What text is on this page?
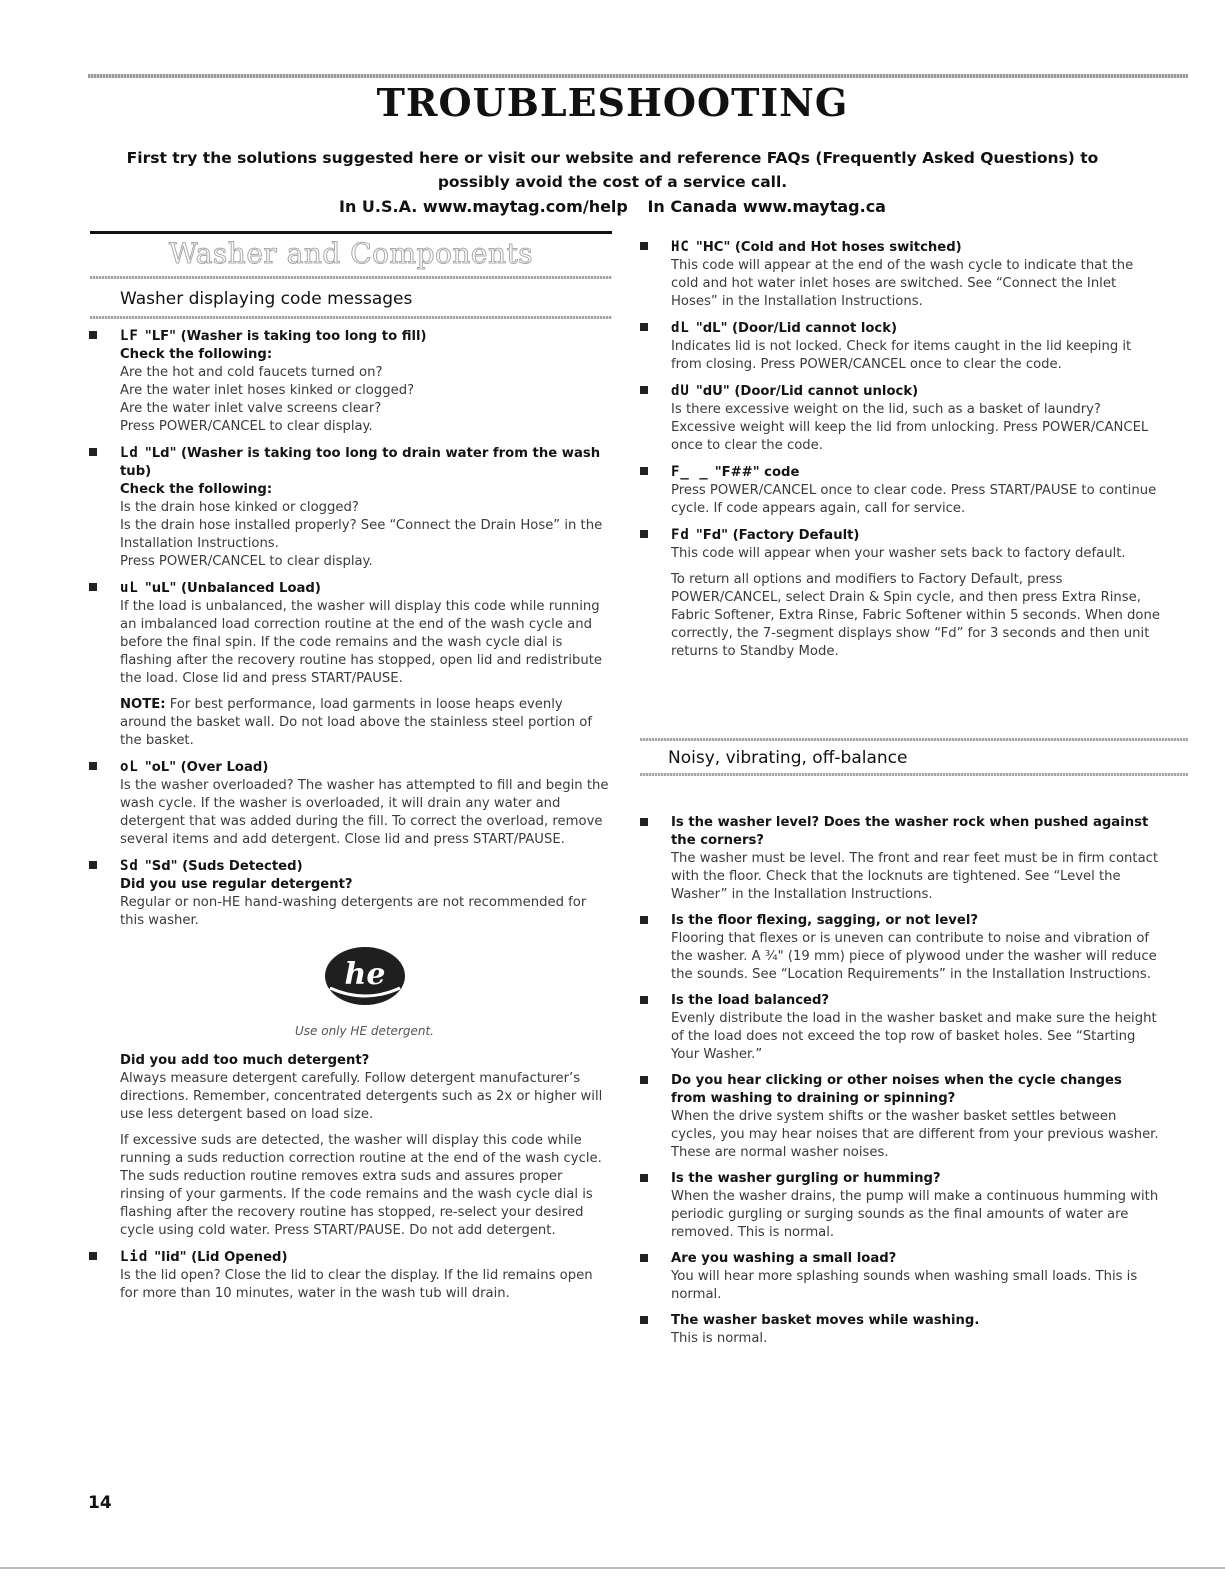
TROUBLESHOOTING
First try the solutions suggested here or visit our website and reference FAQs (Frequently Asked Questions) to possibly avoid the cost of a service call.
In U.S.A. www.maytag.com/help In Canada www.maytag.ca
Washer and Components
Washer displaying code messages
LF "LF" (Washer is taking too long to fill)
Check the following:
Are the hot and cold faucets turned on?
Are the water inlet hoses kinked or clogged?
Are the water inlet valve screens clear?
Press POWER/CANCEL to clear display.
Ld "Ld" (Washer is taking too long to drain water from the wash tub)
Check the following:
Is the drain hose kinked or clogged?
Is the drain hose installed properly? See “Connect the Drain Hose” in the Installation Instructions.
Press POWER/CANCEL to clear display.
uL "uL" (Unbalanced Load)

If the load is unbalanced, the washer will display this code while running an imbalanced load correction routine at the end of the wash cycle and before the final spin. If the code remains and the wash cycle dial is flashing after the recovery routine has stopped, open lid and redistribute the load. Close lid and press START/PAUSE.

NOTE: For best performance, load garments in loose heaps evenly around the basket wall. Do not load above the stainless steel portion of the basket.

oL "oL" (Over Load)

Is the washer overloaded? The washer has attempted to fill and begin the wash cycle. If the washer is overloaded, it will drain any water and detergent that was added during the fill. To correct the overload, remove several items and add detergent. Close lid and press START/PAUSE.

Sd "Sd" (Suds Detected)
Did you use regular detergent?

Regular or non-HE hand-washing detergents are not recommended for this washer.

he
Use only HE detergent.
Did you add too much detergent?

Always measure detergent carefully. Follow detergent manufacturer’s directions. Remember, concentrated detergents such as 2x or higher will use less detergent based on load size.

If excessive suds are detected, the washer will display this code while running a suds reduction correction routine at the end of the wash cycle. The suds reduction routine removes extra suds and assures proper rinsing of your garments. If the code remains and the wash cycle dial is flashing after the recovery routine has stopped, re-select your desired cycle using cold water. Press START/PAUSE. Do not add detergent.

Lid "lid" (Lid Opened)

Is the lid open? Close the lid to clear the display. If the lid remains open for more than 10 minutes, water in the wash tub will drain.

HC "HC" (Cold and Hot hoses switched)

This code will appear at the end of the wash cycle to indicate that the cold and hot water inlet hoses are switched. See “Connect the Inlet Hoses” in the Installation Instructions.

dL "dL" (Door/Lid cannot lock)

Indicates lid is not locked. Check for items caught in the lid keeping it from closing. Press POWER/CANCEL once to clear the code.

dU "dU" (Door/Lid cannot unlock)

Is there excessive weight on the lid, such as a basket of laundry? Excessive weight will keep the lid from unlocking. Press POWER/CANCEL once to clear the code.

F_ _ "F##" code

Press POWER/CANCEL once to clear code. Press START/PAUSE to continue cycle. If code appears again, call for service.

Fd "Fd" (Factory Default)

This code will appear when your washer sets back to factory default.

To return all options and modifiers to Factory Default, press POWER/CANCEL, select Drain & Spin cycle, and then press Extra Rinse, Fabric Softener, Extra Rinse, Fabric Softener within 5 seconds. When done correctly, the 7-segment displays show “Fd” for 3 seconds and then unit returns to Standby Mode.

Noisy, vibrating, off-balance
Is the washer level? Does the washer rock when pushed against the corners?

The washer must be level. The front and rear feet must be in firm contact with the floor. Check that the locknuts are tightened. See “Level the Washer” in the Installation Instructions.

Is the floor flexing, sagging, or not level?

Flooring that flexes or is uneven can contribute to noise and vibration of the washer. A ¾" (19 mm) piece of plywood under the washer will reduce the sounds. See “Location Requirements” in the Installation Instructions.

Is the load balanced?

Evenly distribute the load in the washer basket and make sure the height of the load does not exceed the top row of basket holes. See “Starting Your Washer.”

Do you hear clicking or other noises when the cycle changes from washing to draining or spinning?

When the drive system shifts or the washer basket settles between cycles, you may hear noises that are different from your previous washer. These are normal washer noises.

Is the washer gurgling or humming?

When the washer drains, the pump will make a continuous humming with periodic gurgling or surging sounds as the final amounts of water are removed. This is normal.

Are you washing a small load?

You will hear more splashing sounds when washing small loads. This is normal.

The washer basket moves while washing.

This is normal.

14
